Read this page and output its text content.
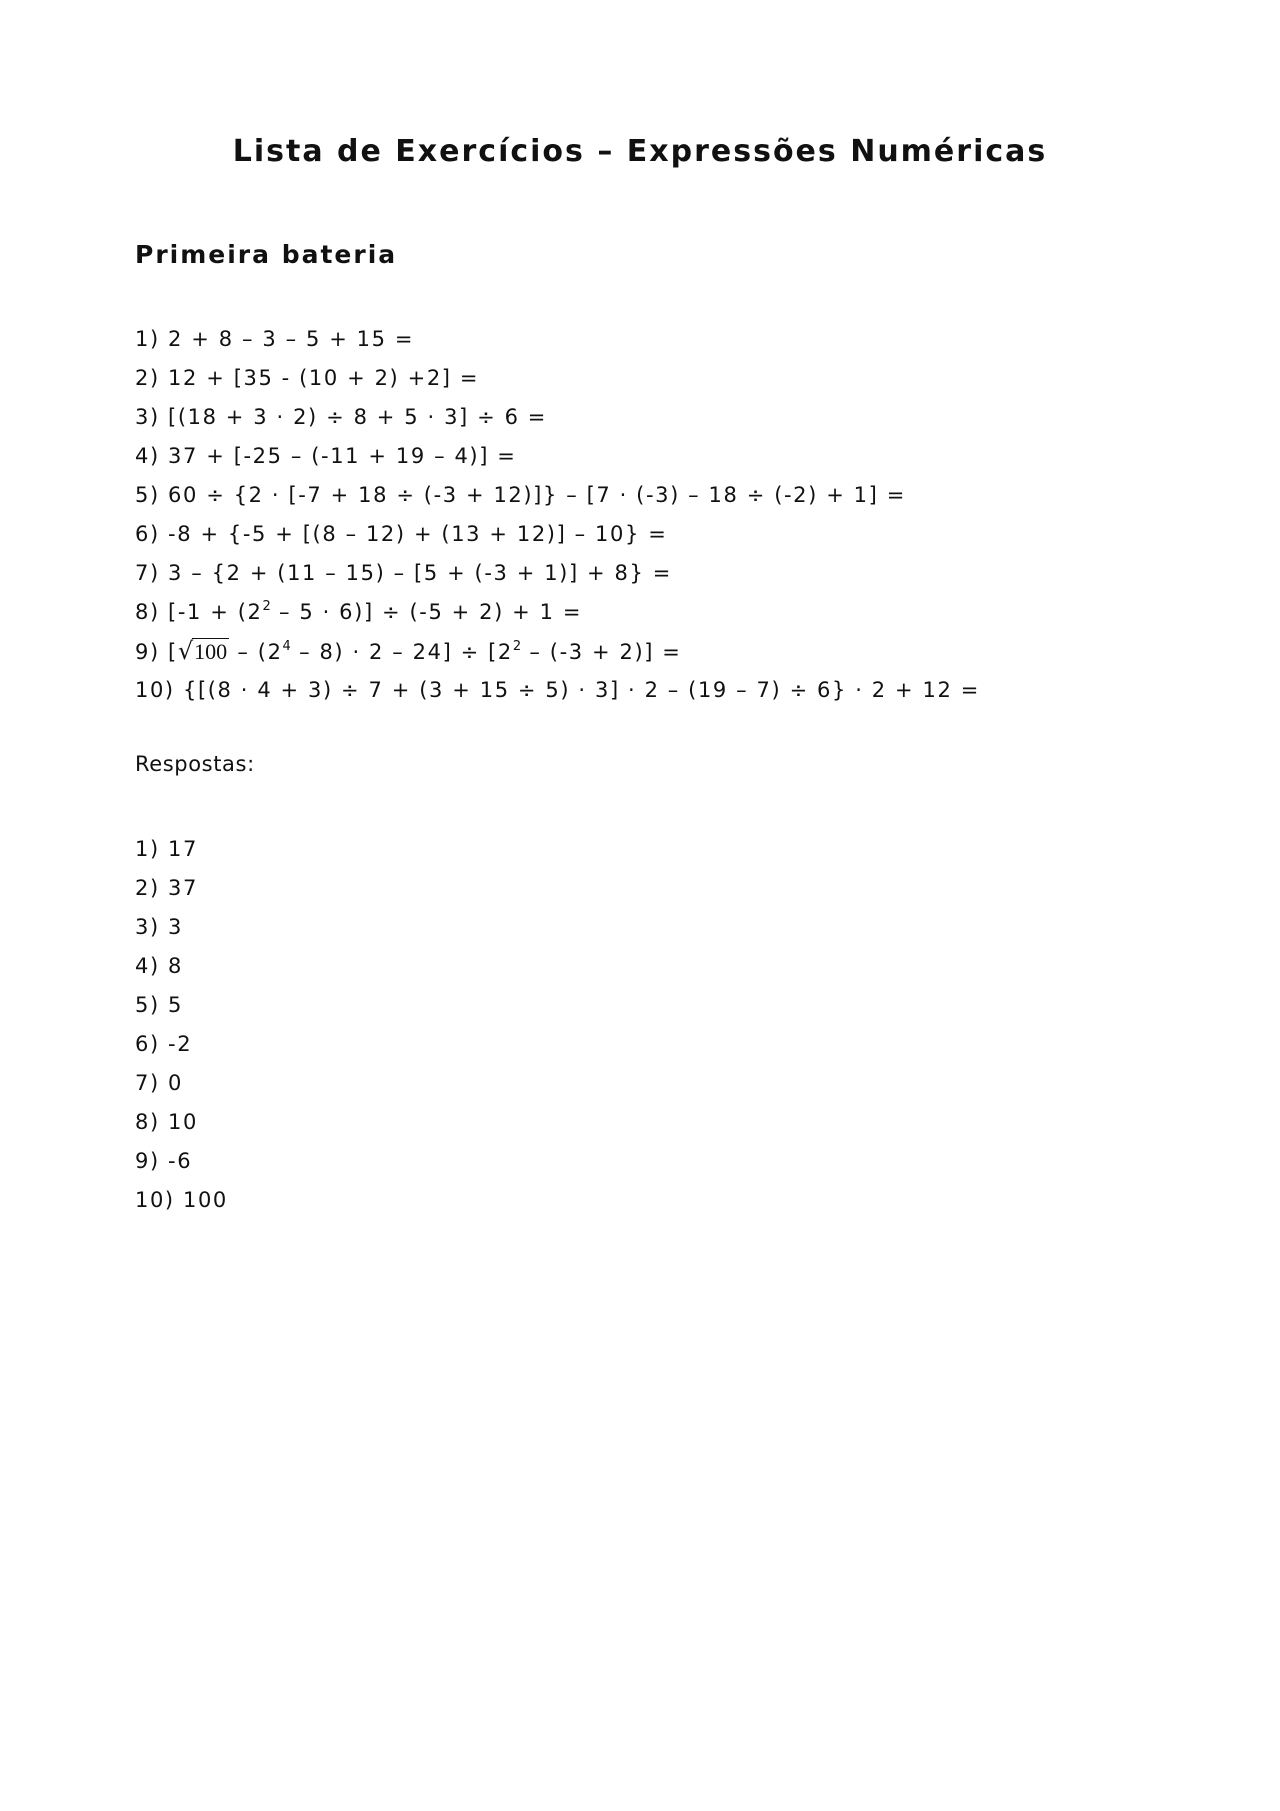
Lista de Exercícios – Expressões Numéricas
Primeira bateria
1) 2 + 8 – 3 – 5 + 15 =
2) 12 + [35 - (10 + 2) +2] =
3) [(18 + 3 · 2) ÷ 8 + 5 · 3] ÷ 6 =
4) 37 + [-25 – (-11 + 19 – 4)] =
5) 60 ÷ {2 · [-7 + 18 ÷ (-3 + 12)]} – [7 · (-3) – 18 ÷ (-2) + 1] =
6) -8 + {-5 + [(8 – 12) + (13 + 12)] – 10} =
7) 3 – {2 + (11 – 15) – [5 + (-3 + 1)] + 8} =
8) $[-1 + (2^2 - 5 \cdot 6)] \div (-5 + 2) + 1$ =
9) $[√100 - (2^4 - 8) \cdot 2 - 24] \div [2^2 - (-3 + 2)]$ =
10) {[(8 · 4 + 3) ÷ 7 + (3 + 15 ÷ 5) · 3] · 2 – (19 – 7) ÷ 6} · 2 + 12 =
Respostas:
1) 17
2) 37
3) 3
4) 8
5) 5
6) -2
7) 0
8) 10
9) -6
10) 100
